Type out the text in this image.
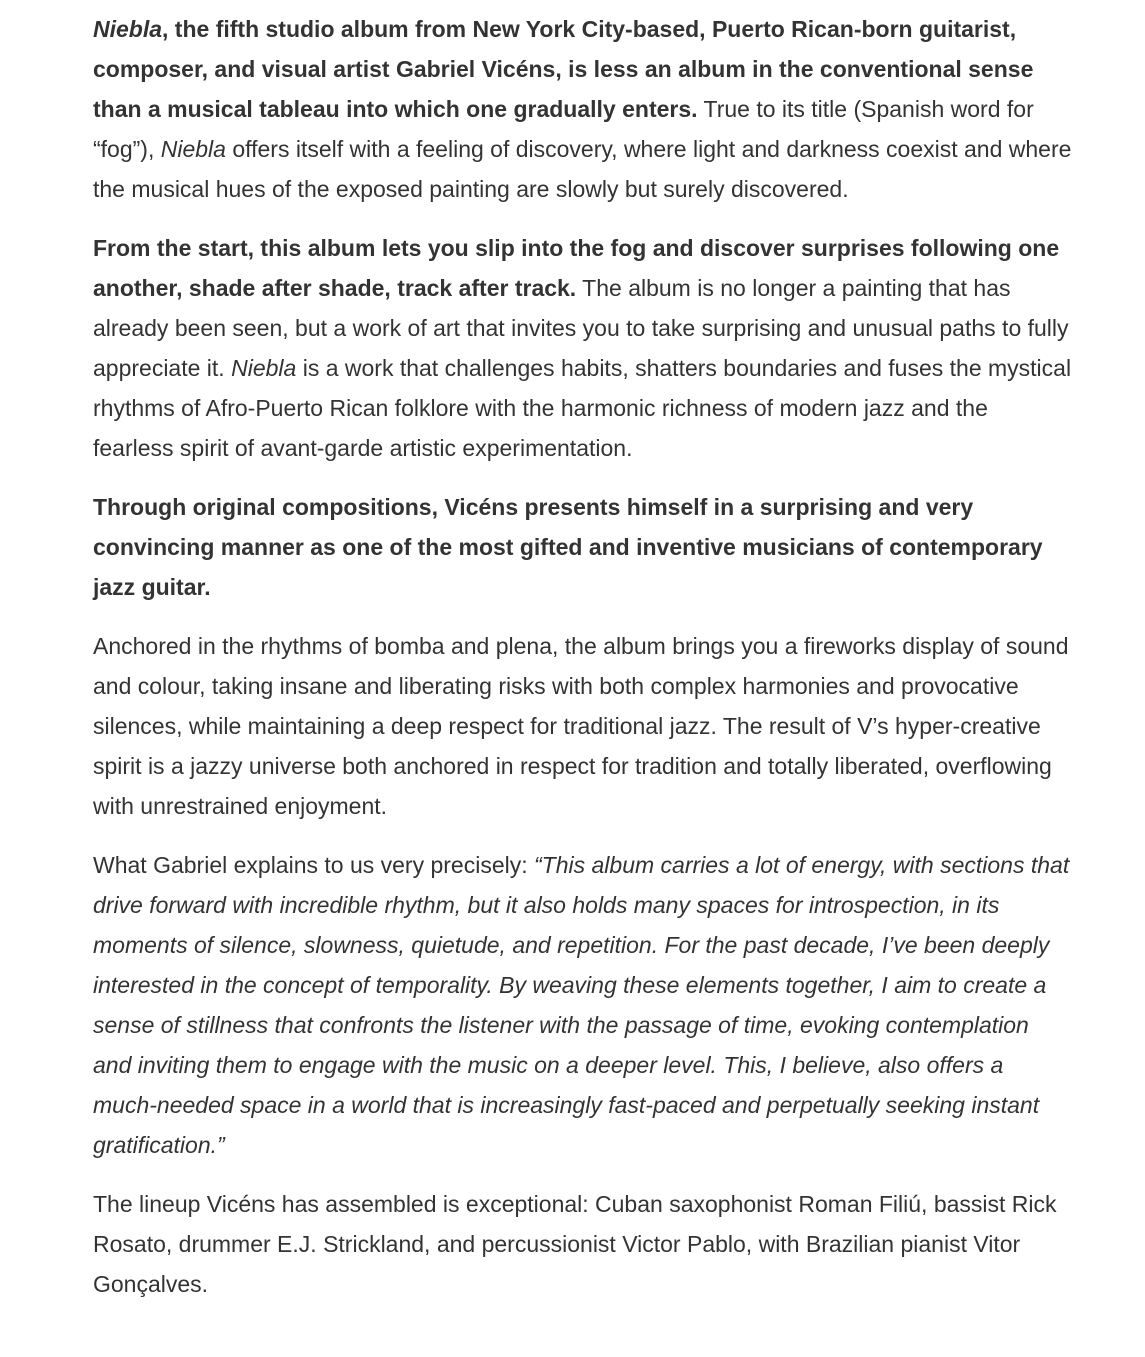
Niebla, the fifth studio album from New York City-based, Puerto Rican-born guitarist, composer, and visual artist Gabriel Vicéns, is less an album in the conventional sense than a musical tableau into which one gradually enters. True to its title (Spanish word for “fog”), Niebla offers itself with a feeling of discovery, where light and darkness coexist and where the musical hues of the exposed painting are slowly but surely discovered.

From the start, this album lets you slip into the fog and discover surprises following one another, shade after shade, track after track. The album is no longer a painting that has already been seen, but a work of art that invites you to take surprising and unusual paths to fully appreciate it. Niebla is a work that challenges habits, shatters boundaries and fuses the mystical rhythms of Afro-Puerto Rican folklore with the harmonic richness of modern jazz and the fearless spirit of avant-garde artistic experimentation.

Through original compositions, Vicéns presents himself in a surprising and very convincing manner as one of the most gifted and inventive musicians of contemporary jazz guitar.

Anchored in the rhythms of bomba and plena, the album brings you a fireworks display of sound and colour, taking insane and liberating risks with both complex harmonies and provocative silences, while maintaining a deep respect for traditional jazz. The result of V’s hyper-creative spirit is a jazzy universe both anchored in respect for tradition and totally liberated, overflowing with unrestrained enjoyment.

What Gabriel explains to us very precisely: “This album carries a lot of energy, with sections that drive forward with incredible rhythm, but it also holds many spaces for introspection, in its moments of silence, slowness, quietude, and repetition. For the past decade, I’ve been deeply interested in the concept of temporality. By weaving these elements together, I aim to create a sense of stillness that confronts the listener with the passage of time, evoking contemplation and inviting them to engage with the music on a deeper level. This, I believe, also offers a much-needed space in a world that is increasingly fast-paced and perpetually seeking instant gratification.”

The lineup Vicéns has assembled is exceptional: Cuban saxophonist Roman Filiú, bassist Rick Rosato, drummer E.J. Strickland, and percussionist Victor Pablo, with Brazilian pianist Vitor Gonçalves.
